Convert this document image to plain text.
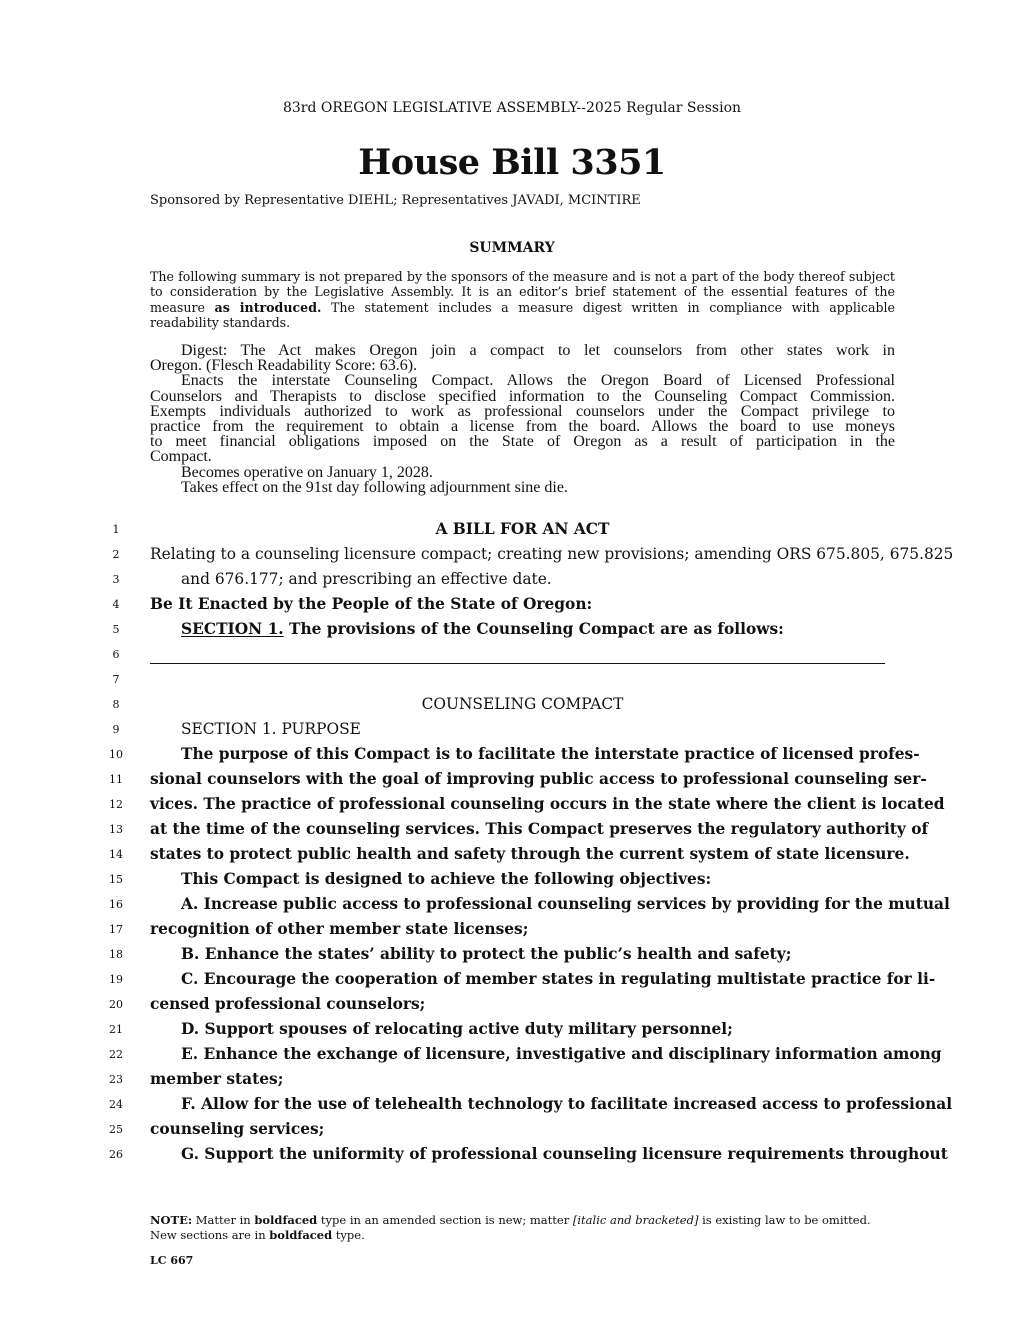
83rd OREGON LEGISLATIVE ASSEMBLY--2025 Regular Session
House Bill 3351
Sponsored by Representative DIEHL; Representatives JAVADI, MCINTIRE
SUMMARY
The following summary is not prepared by the sponsors of the measure and is not a part of the body thereof subject to consideration by the Legislative Assembly. It is an editor’s brief statement of the essential features of the measure as introduced. The statement includes a measure digest written in compliance with applicable readability standards.
Digest: The Act makes Oregon join a compact to let counselors from other states work in
Oregon. (Flesch Readability Score: 63.6).
Enacts the interstate Counseling Compact. Allows the Oregon Board of Licensed Professional
Counselors and Therapists to disclose specified information to the Counseling Compact Commission.
Exempts individuals authorized to work as professional counselors under the Compact privilege to
practice from the requirement to obtain a license from the board. Allows the board to use moneys
to meet financial obligations imposed on the State of Oregon as a result of participation in the
Compact.
Becomes operative on January 1, 2028.
Takes effect on the 91st day following adjournment sine die.
1
2
3
4
5
6
7
8
9
10
11
12
13
14
15
16
17
18
19
20
21
22
23
24
25
26
A BILL FOR AN ACT
Relating to a counseling licensure compact; creating new provisions; amending ORS 675.805, 675.825
and 676.177; and prescribing an effective date.
Be It Enacted by the People of the State of Oregon:
SECTION 1. The provisions of the Counseling Compact are as follows:
COUNSELING COMPACT
SECTION 1. PURPOSE
The purpose of this Compact is to facilitate the interstate practice of licensed profes-
sional counselors with the goal of improving public access to professional counseling ser-
vices. The practice of professional counseling occurs in the state where the client is located
at the time of the counseling services. This Compact preserves the regulatory authority of
states to protect public health and safety through the current system of state licensure.
This Compact is designed to achieve the following objectives:
A. Increase public access to professional counseling services by providing for the mutual
recognition of other member state licenses;
B. Enhance the states’ ability to protect the public’s health and safety;
C. Encourage the cooperation of member states in regulating multistate practice for li-
censed professional counselors;
D. Support spouses of relocating active duty military personnel;
E. Enhance the exchange of licensure, investigative and disciplinary information among
member states;
F. Allow for the use of telehealth technology to facilitate increased access to professional
counseling services;
G. Support the uniformity of professional counseling licensure requirements throughout
NOTE: Matter in boldfaced type in an amended section is new; matter [italic and bracketed] is existing law to be omitted.
New sections are in boldfaced type.
LC 667
